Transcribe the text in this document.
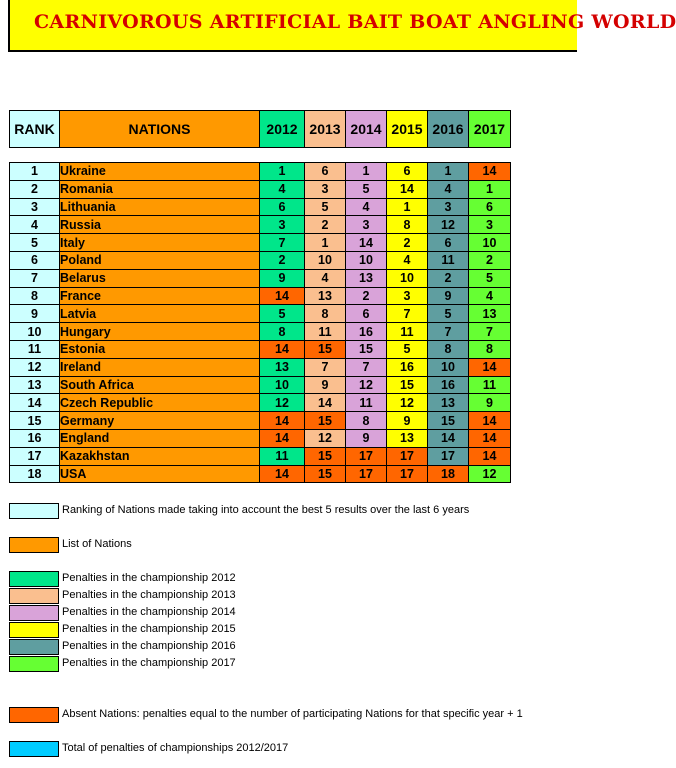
CARNIVOROUS ARTIFICIAL BAIT BOAT ANGLING WORLD
RANK	NATIONS	2012	2013	2014	2015	2016	2017
1	Ukraine	1	6	1	6	1	14
2	Romania	4	3	5	14	4	1
3	Lithuania	6	5	4	1	3	6
4	Russia	3	2	3	8	12	3
5	Italy	7	1	14	2	6	10
6	Poland	2	10	10	4	11	2
7	Belarus	9	4	13	10	2	5
8	France	14	13	2	3	9	4
9	Latvia	5	8	6	7	5	13
10	Hungary	8	11	16	11	7	7
11	Estonia	14	15	15	5	8	8
12	Ireland	13	7	7	16	10	14
13	South Africa	10	9	12	15	16	11
14	Czech Republic	12	14	11	12	13	9
15	Germany	14	15	8	9	15	14
16	England	14	12	9	13	14	14
17	Kazakhstan	11	15	17	17	17	14
18	USA	14	15	17	17	18	12
Ranking of Nations made taking into account the best 5 results over the last 6 years
List of Nations
Penalties in the championship 2012
Penalties in the championship 2013
Penalties in the championship 2014
Penalties in the championship 2015
Penalties in the championship 2016
Penalties in the championship 2017
Absent Nations: penalties equal to the number of participating Nations for that specific year + 1
Total of penalties of championships 2012/2017
